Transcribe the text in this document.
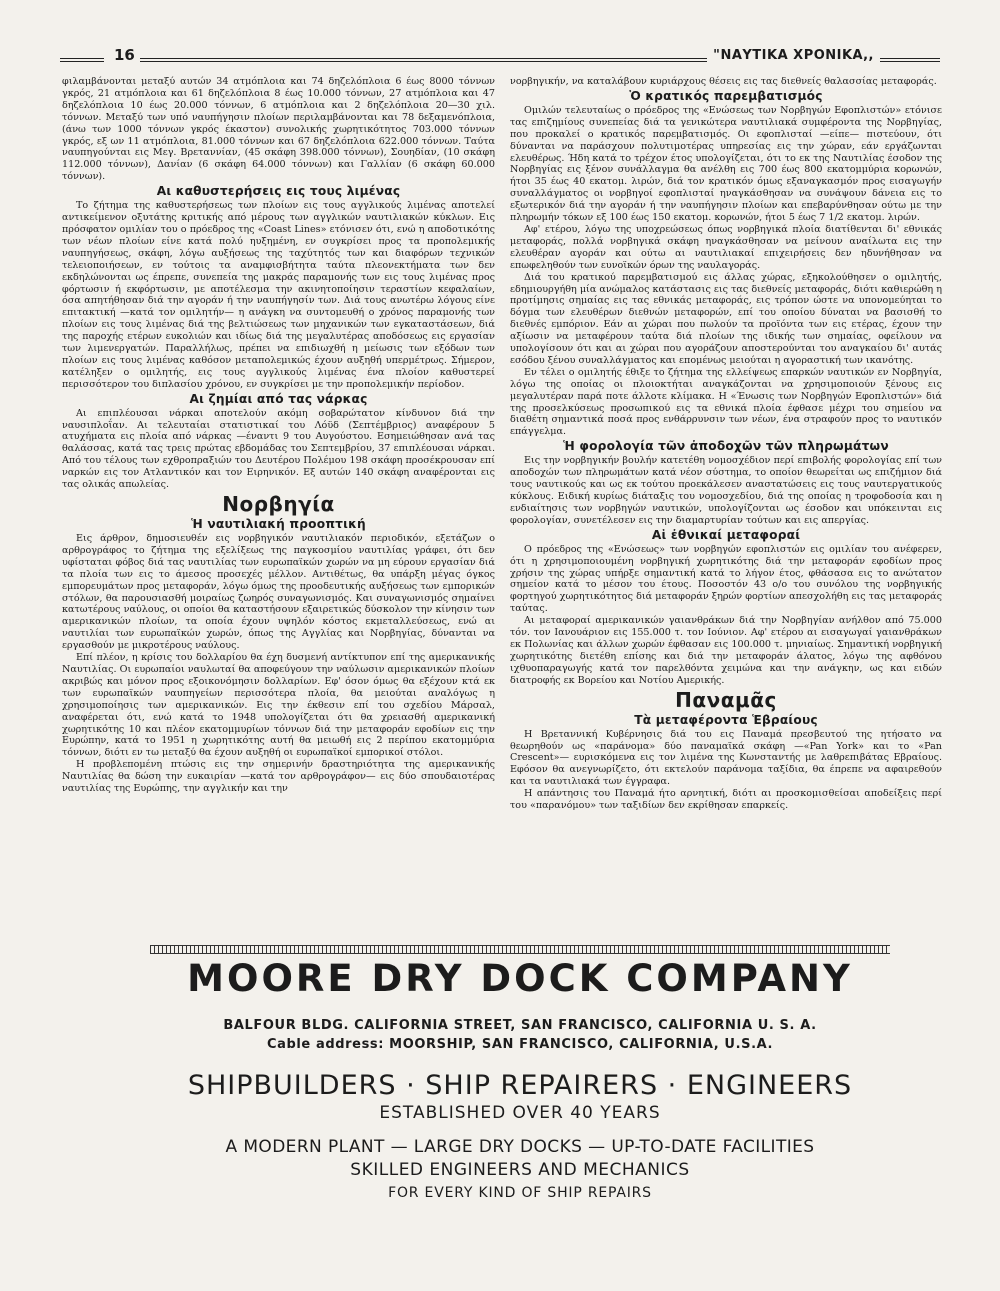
16	"ΝΑΥΤΙΚΑ ΧΡΟΝΙΚΑ,,

φιλαμβάνονται μεταξύ αυτών 34 ατμόπλοια και 74 δηζελόπλοια 6 έως 8000 τόννων γκρός, 21 ατμόπλοια και 61 δηζελόπλοια 8 έως 10.000 τόννων, 27 ατμόπλοια και 47 δηζελόπλοια 10 έως 20.000 τόννων, 6 ατμόπλοια και 2 δηζελόπλοια 20—30 χιλ. τόννων. Μεταξύ των υπό ναυπήγησιν πλοίων περιλαμβάνονται και 78 δεξαμενόπλοια, (άνω των 1000 τόννων γκρός έκαστον) συνολικής χωρητικότητος 703.000 τόννων γκρός, εξ ων 11 ατμόπλοια, 81.000 τόννων και 67 δηζελόπλοια 622.000 τόννων. Ταύτα ναυπηγούνται εις Μεγ. Βρεταννίαν, (45 σκάφη 398.000 τόννων), Σουηδίαν, (10 σκάφη 112.000 τόννων), Δανίαν (6 σκάφη 64.000 τόννων) και Γαλλίαν (6 σκάφη 60.000 τόννων).

Αι καθυστερήσεις εις τους λιμένας

Το ζήτημα της καθυστερήσεως των πλοίων εις τους αγγλικούς λιμένας αποτελεί αντικείμενον οξυτάτης κριτικής από μέρους των αγγλικών ναυτιλιακών κύκλων. Εις πρόσφατον ομιλίαν του ο πρόεδρος της «Coast Lines» ετόνισεν ότι, ενώ η αποδοτικότης των νέων πλοίων είνε κατά πολύ ηυξημένη, εν συγκρίσει προς τα προπολεμικής ναυπηγήσεως, σκάφη, λόγω αυξήσεως της ταχύτητός των και διαφόρων τεχνικών τελειοποιήσεων, εν τούτοις τα αναμφισβήτητα ταύτα πλεονεκτήματα των δεν εκδηλώνονται ως έπρεπε, συνεπεία της μακράς παραμονής των εις τους λιμένας προς φόρτωσιν ή εκφόρτωσιν, με αποτέλεσμα την ακινητοποίησιν τεραστίων κεφαλαίων, όσα απητήθησαν διά την αγοράν ή την ναυπήγησίν των. Διά τους ανωτέρω λόγους είνε επιτακτική —κατά τον ομιλητήν— η ανάγκη να συντομευθή ο χρόνος παραμονής των πλοίων εις τους λιμένας διά της βελτιώσεως των μηχανικών των εγκαταστάσεων, διά της παροχής ετέρων ευκολιών και ιδίως διά της μεγαλυτέρας αποδόσεως εις εργασίαν των λιμενεργατών. Παραλλήλως, πρέπει να επιδιωχθή η μείωσις των εξόδων των πλοίων εις τους λιμένας καθόσον μεταπολεμικώς έχουν αυξηθή υπερμέτρως. Σήμερον, κατέληξεν ο ομιλητής, εις τους αγγλικούς λιμένας ένα πλοίον καθυστερεί περισσότερον του διπλασίου χρόνου, εν συγκρίσει με την προπολεμικήν περίοδον.

Αι ζημίαι από τας νάρκας

Αι επιπλέουσαι νάρκαι αποτελούν ακόμη σοβαρώτατον κίνδυνον διά την ναυσιπλοΐαν. Αι τελευταίαι στατιστικαί του Λόϋδ (Σεπτέμβριος) αναφέρουν 5 ατυχήματα εις πλοία από νάρκας —έναντι 9 του Αυγούστου. Εσημειώθησαν ανά τας θαλάσσας, κατά τας τρεις πρώτας εβδομάδας του Σεπτεμβρίου, 37 επιπλέουσαι νάρκαι. Από του τέλους των εχθροπραξιών του Δευτέρου Πολέμου 198 σκάφη προσέκρουσαν επί ναρκών εις τον Ατλαντικόν και τον Ειρηνικόν. Εξ αυτών 140 σκάφη αναφέρονται εις τας ολικάς απωλείας.

Νορβηγία
Ἡ ναυτιλιακή προοπτική

Εις άρθρον, δημοσιευθέν εις νορβηγικόν ναυτιλιακόν περιοδικόν, εξετάζων ο αρθρογράφος το ζήτημα της εξελίξεως της παγκοσμίου ναυτιλίας γράφει, ότι δεν υφίσταται φόβος διά τας ναυτιλίας των ευρωπαϊκών χωρών να μη εύρουν εργασίαν διά τα πλοία των εις το άμεσος προσεχές μέλλον. Αντιθέτως, θα υπάρξη μέγας όγκος εμπορευμάτων προς μεταφοράν, λόγω όμως της προοδευτικής αυξήσεως των εμπορικών στόλων, θα παρουσιασθή μοιραίως ζωηρός συναγωνισμός. Και συναγωνισμός σημαίνει κατωτέρους ναύλους, οι οποίοι θα καταστήσουν εξαιρετικώς δύσκολον την κίνησιν των αμερικανικών πλοίων, τα οποία έχουν υψηλόν κόστος εκμεταλλεύσεως, ενώ αι ναυτιλίαι των ευρωπαϊκών χωρών, όπως της Αγγλίας και Νορβηγίας, δύνανται να εργασθούν με μικροτέρους ναύλους.

Επί πλέον, η κρίσις του δολλαρίου θα έχη δυσμενή αντίκτυπον επί της αμερικανικής Ναυτιλίας. Οι ευρωπαίοι ναυλωταί θα αποφεύγουν την ναύλωσιν αμερικανικών πλοίων ακριβώς και μόνον προς εξοικονόμησιν δολλαρίων. Εφ' όσον όμως θα εξέχουν κτά εκ των ευρωπαϊκών ναυπηγείων περισσότερα πλοία, θα μειούται αναλόγως η χρησιμοποίησις των αμερικανικών. Εις την έκθεσιν επί του σχεδίου Μάρσαλ, αναφέρεται ότι, ενώ κατά το 1948 υπολογίζεται ότι θα χρειασθή αμερικανική χωρητικότης 10 και πλέον εκατομμυρίων τόννων διά την μεταφοράν εφοδίων εις την Ευρώπην, κατά το 1951 η χωρητικότης αυτή θα μειωθή εις 2 περίπου εκατομμύρια τόννων, διότι εν τω μεταξύ θα έχουν αυξηθή οι ευρωπαϊκοί εμπορικοί στόλοι.

Η προβλεπομένη πτώσις εις την σημερινήν δραστηριότητα της αμερικανικής Ναυτιλίας θα δώση την ευκαιρίαν —κατά τον αρθρογράφον— εις δύο σπουδαιοτέρας ναυτιλίας της Ευρώπης, την αγγλικήν και την

νορβηγικήν, να καταλάβουν κυριάρχους θέσεις εις τας διεθνείς θαλασσίας μεταφοράς.

Ὁ κρατικός παρεμβατισμός

Ομιλών τελευταίως ο πρόεδρος της «Ενώσεως των Νορβηγών Εφοπλιστών» ετόνισε τας επιζημίους συνεπείας διά τα γενικώτερα ναυτιλιακά συμφέροντα της Νορβηγίας, που προκαλεί ο κρατικός παρεμβατισμός. Οι εφοπλισταί —είπε— πιστεύουν, ότι δύνανται να παράσχουν πολυτιμοτέρας υπηρεσίας εις την χώραν, εάν εργάζωνται ελευθέρως. Ήδη κατά το τρέχον έτος υπολογίζεται, ότι το εκ της Ναυτιλίας έσοδον της Νορβηγίας εις ξένον συνάλλαγμα θα ανέλθη εις 700 έως 800 εκατομμύρια κορωνών, ήτοι 35 έως 40 εκατομ. λιρών, διά τον κρατικόν όμως εξαναγκασμόν προς εισαγωγήν συναλλάγματος οι νορβηγοί εφοπλισταί ηναγκάσθησαν να συνάψουν δάνεια εις το εξωτερικόν διά την αγοράν ή την ναυπήγησιν πλοίων και επεβαρύνθησαν ούτω με την πληρωμήν τόκων εξ 100 έως 150 εκατομ. κορωνών, ήτοι 5 έως 7 1/2 εκατομ. λιρών.

Αφ' ετέρου, λόγω της υποχρεώσεως όπως νορβηγικά πλοία διατίθενται δι' εθνικάς μεταφοράς, πολλά νορβηγικά σκάφη ηναγκάσθησαν να μείνουν αναίλωτα εις την ελευθέραν αγοράν και ούτω αι ναυτιλιακαί επιχειρήσεις δεν ηδυνήθησαν να επωφεληθούν των ευνοϊκών όρων της ναυλαγοράς.

Διά του κρατικού παρεμβατισμού εις άλλας χώρας, εξηκολούθησεν ο ομιλητής, εδημιουργήθη μία ανώμαλος κατάστασις εις τας διεθνείς μεταφοράς, διότι καθιερώθη η προτίμησις σημαίας εις τας εθνικάς μεταφοράς, εις τρόπον ώστε να υπονομεύηται το δόγμα των ελευθέρων διεθνών μεταφορών, επί του οποίου δύναται να βασισθή το διεθνές εμπόριον. Εάν αι χώραι που πωλούν τα προϊόντα των εις ετέρας, έχουν την αξίωσιν να μεταφέρουν ταύτα διά πλοίων της ιδικής των σημαίας, οφείλουν να υπολογίσουν ότι και αι χώραι που αγοράζουν αποστερούνται του αναγκαίου δι' αυτάς εσόδου ξένου συναλλάγματος και επομένως μειούται η αγοραστική των ικανότης.

Εν τέλει ο ομιλητής έθιξε το ζήτημα της ελλείψεως επαρκών ναυτικών εν Νορβηγία, λόγω της οποίας οι πλοιοκτήται αναγκάζονται να χρησιμοποιούν ξένους εις μεγαλυτέραν παρά ποτε άλλοτε κλίμακα. Η «Ένωσις των Νορβηγών Εφοπλιστών» διά της προσελκύσεως προσωπικού εις τα εθνικά πλοία έφθασε μέχρι του σημείου να διαθέτη σημαντικά ποσά προς ενθάρρυνσιν των νέων, ένα στραφούν προς το ναυτικόν επάγγελμα.

Ἡ φορολογία τῶν ἀποδοχῶν τῶν πληρωμάτων

Εις την νορβηγικήν βουλήν κατετέθη νομοσχέδιον περί επιβολής φορολογίας επί των αποδοχών των πληρωμάτων κατά νέον σύστημα, το οποίον θεωρείται ως επιζήμιον διά τους ναυτικούς και ως εκ τούτου προεκάλεσεν αναστατώσεις εις τους ναυτεργατικούς κύκλους. Ειδική κυρίως διάταξις του νομοσχεδίου, διά της οποίας η τροφοδοσία και η ενδιαίτησις των νορβηγών ναυτικών, υπολογίζονται ως έσοδον και υπόκεινται εις φορολογίαν, συνετέλεσεν εις την διαμαρτυρίαν τούτων και εις απεργίας.

Αἱ ἐθνικαί μεταφοραί

Ο πρόεδρος της «Ενώσεως» των νορβηγών εφοπλιστών εις ομιλίαν του ανέφερεν, ότι η χρησιμοποιουμένη νορβηγική χωρητικότης διά την μεταφοράν εφοδίων προς χρήσιν της χώρας υπήρξε σημαντική κατά το λήγον έτος, φθάσασα εις το ανώτατον σημείον κατά το μέσον του έτους. Ποσοστόν 43 ο/ο του συνόλου της νορβηγικής φορτηγού χωρητικότητος διά μεταφοράν ξηρών φορτίων απεσχολήθη εις τας μεταφοράς ταύτας.

Αι μεταφοραί αμερικανικών γαιανθράκων διά την Νορβηγίαν ανήλθον από 75.000 τόν. τον Ιανουάριον εις 155.000 τ. τον Ιούνιον. Αφ' ετέρου αι εισαγωγαί γαιανθράκων εκ Πολωνίας και άλλων χωρών έφθασαν εις 100.000 τ. μηνιαίως. Σημαντική νορβηγική χωρητικότης διετέθη επίσης και διά την μεταφοράν άλατος, λόγω της αφθόνου ιχθυοπαραγωγής κατά τον παρελθόντα χειμώνα και την ανάγκην, ως και ειδών διατροφής εκ Βορείου και Νοτίου Αμερικής.

Παναμᾶς
Τὰ μεταφέροντα Ἑβραίους

Η Βρεταννική Κυβέρνησις διά του εις Παναμά πρεσβευτού της ητήσατο να θεωρηθούν ως «παράνομα» δύο παναμαϊκά σκάφη —«Pan York» και το «Pan Crescent»— ευρισκόμενα εις τον λιμένα της Κωνσταντής με λαθρεπιβάτας Εβραίους. Εφόσον θα ανεγνωρίζετο, ότι εκτελούν παράνομα ταξίδια, θα έπρεπε να αφαιρεθούν και τα ναυτιλιακά των έγγραφα.

Η απάντησις του Παναμά ήτο αρνητική, διότι αι προσκομισθείσαι αποδείξεις περί του «παρανόμου» των ταξιδίων δεν εκρίθησαν επαρκείς.

MOORE DRY DOCK COMPANY
BALFOUR BLDG. CALIFORNIA STREET, SAN FRANCISCO, CALIFORNIA U. S. A.
Cable address: MOORSHIP, SAN FRANCISCO, CALIFORNIA, U.S.A.
SHIPBUILDERS · SHIP REPAIRERS · ENGINEERS
ESTABLISHED OVER 40 YEARS
A MODERN PLANT — LARGE DRY DOCKS — UP-TO-DATE FACILITIES
SKILLED ENGINEERS AND MECHANICS
FOR EVERY KIND OF SHIP REPAIRS
